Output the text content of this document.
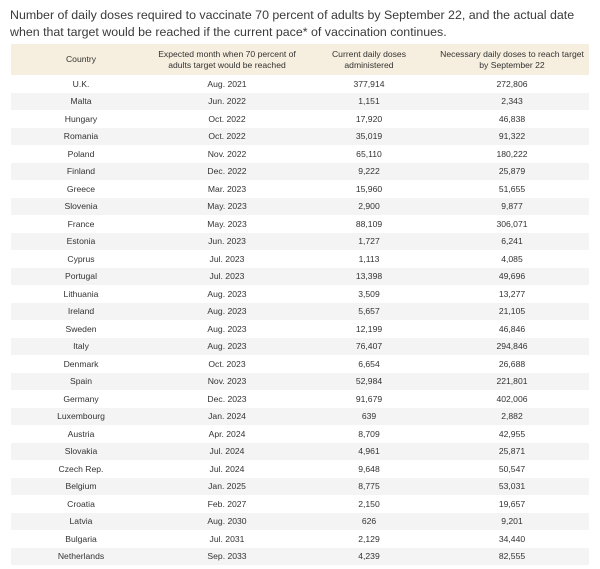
Number of daily doses required to vaccinate 70 percent of adults by September 22, and the actual date when that target would be reached if the current pace* of vaccination continues.
Country	Expected month when 70 percent of adults target would be reached	Current daily doses administered	Necessary daily doses to reach target by September 22
U.K.	Aug. 2021	377,914	272,806
Malta	Jun. 2022	1,151	2,343
Hungary	Oct. 2022	17,920	46,838
Romania	Oct. 2022	35,019	91,322
Poland	Nov. 2022	65,110	180,222
Finland	Dec. 2022	9,222	25,879
Greece	Mar. 2023	15,960	51,655
Slovenia	May. 2023	2,900	9,877
France	May. 2023	88,109	306,071
Estonia	Jun. 2023	1,727	6,241
Cyprus	Jul. 2023	1,113	4,085
Portugal	Jul. 2023	13,398	49,696
Lithuania	Aug. 2023	3,509	13,277
Ireland	Aug. 2023	5,657	21,105
Sweden	Aug. 2023	12,199	46,846
Italy	Aug. 2023	76,407	294,846
Denmark	Oct. 2023	6,654	26,688
Spain	Nov. 2023	52,984	221,801
Germany	Dec. 2023	91,679	402,006
Luxembourg	Jan. 2024	639	2,882
Austria	Apr. 2024	8,709	42,955
Slovakia	Jul. 2024	4,961	25,871
Czech Rep.	Jul. 2024	9,648	50,547
Belgium	Jan. 2025	8,775	53,031
Croatia	Feb. 2027	2,150	19,657
Latvia	Aug. 2030	626	9,201
Bulgaria	Jul. 2031	2,129	34,440
Netherlands	Sep. 2033	4,239	82,555
